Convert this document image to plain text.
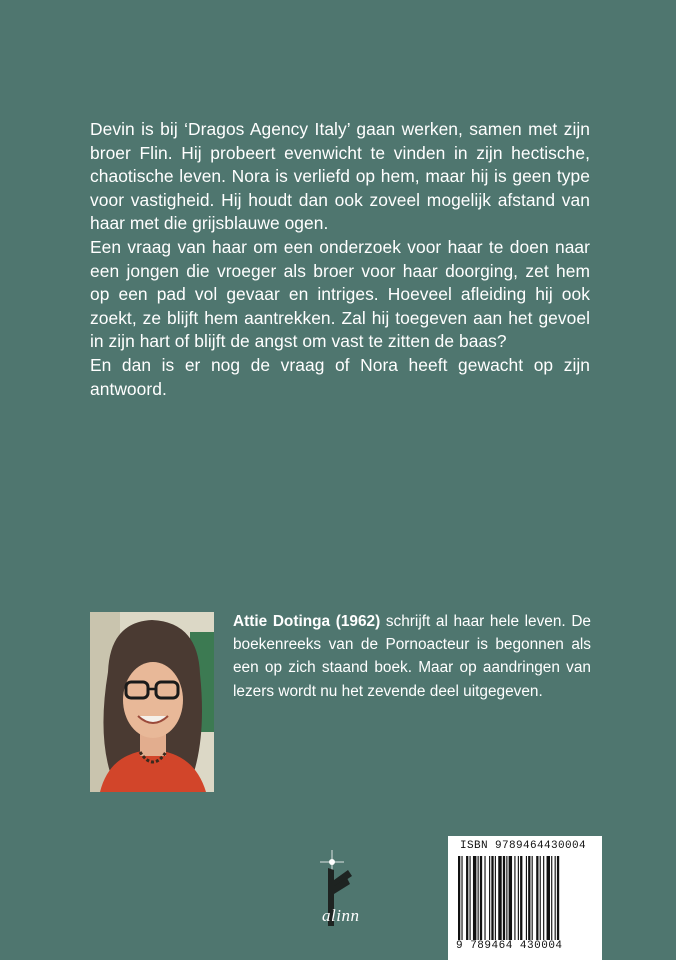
Devin is bij ‘Dragos Agency Italy’ gaan werken, samen met zijn broer Flin. Hij probeert evenwicht te vinden in zijn hectische, chaotische leven. Nora is verliefd op hem, maar hij is geen type voor vastigheid. Hij houdt dan ook zoveel mogelijk afstand van haar met die grijsblauwe ogen.

Een vraag van haar om een onderzoek voor haar te doen naar een jongen die vroeger als broer voor haar doorging, zet hem op een pad vol gevaar en intriges. Hoeveel afleiding hij ook zoekt, ze blijft hem aantrekken. Zal hij toegeven aan het gevoel in zijn hart of blijft de angst om vast te zitten de baas?

En dan is er nog de vraag of Nora heeft gewacht op zijn antwoord.

Attie Dotinga (1962) schrijft al haar hele leven. De boekenreeks van de Pornoacteur is begonnen als een op zich staand boek. Maar op aandringen van lezers wordt nu het zevende deel uitgegeven.
alinn
ISBN 9789464430004
9 789464 430004
